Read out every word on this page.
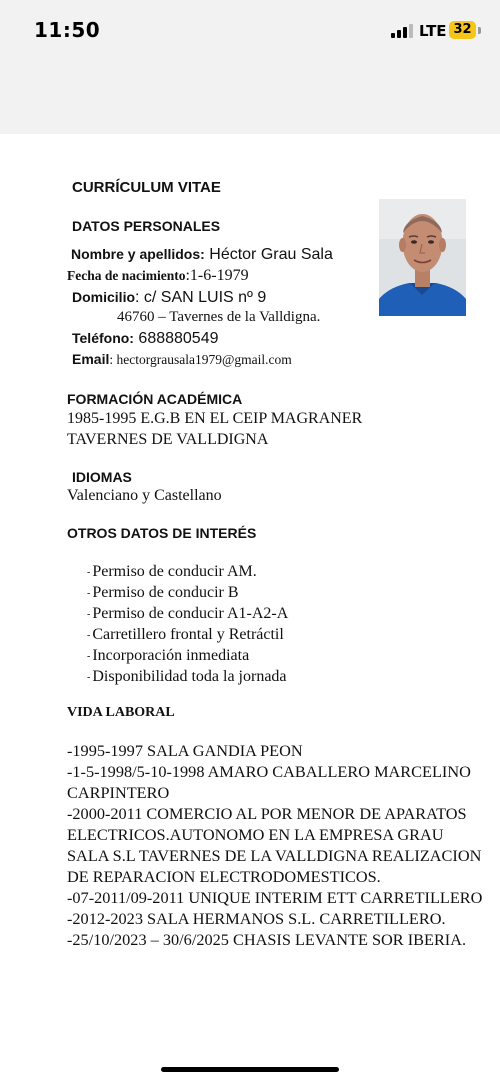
11:50	LTE 32
CURRÍCULUM VITAE
DATOS PERSONALES
Nombre y apellidos: Héctor Grau Sala
Fecha de nacimiento:1-6-1979
Domicilio: c/ SAN LUIS nº 9
46760 – Tavernes de la Valldigna.
Teléfono: 688880549
Email: hectorgrausala1979@gmail.com
FORMACIÓN ACADÉMICA
1985-1995 E.G.B EN EL CEIP MAGRANER
TAVERNES DE VALLDIGNA
IDIOMAS
Valenciano y Castellano
OTROS DATOS DE INTERÉS
- Permiso de conducir AM.
- Permiso de conducir B
- Permiso de conducir A1-A2-A
- Carretillero frontal y Retráctil
- Incorporación inmediata
- Disponibilidad toda la jornada
VIDA LABORAL
-1995-1997 SALA GANDIA PEON
-1-5-1998/5-10-1998 AMARO CABALLERO MARCELINO CARPINTERO
-2000-2011 COMERCIO AL POR MENOR DE APARATOS ELECTRICOS.AUTONOMO EN LA EMPRESA GRAU SALA S.L TAVERNES DE LA VALLDIGNA REALIZACION DE REPARACION ELECTRODOMESTICOS.
-07-2011/09-2011 UNIQUE INTERIM ETT CARRETILLERO
-2012-2023 SALA HERMANOS S.L. CARRETILLERO.
-25/10/2023 – 30/6/2025 CHASIS LEVANTE SOR IBERIA.
